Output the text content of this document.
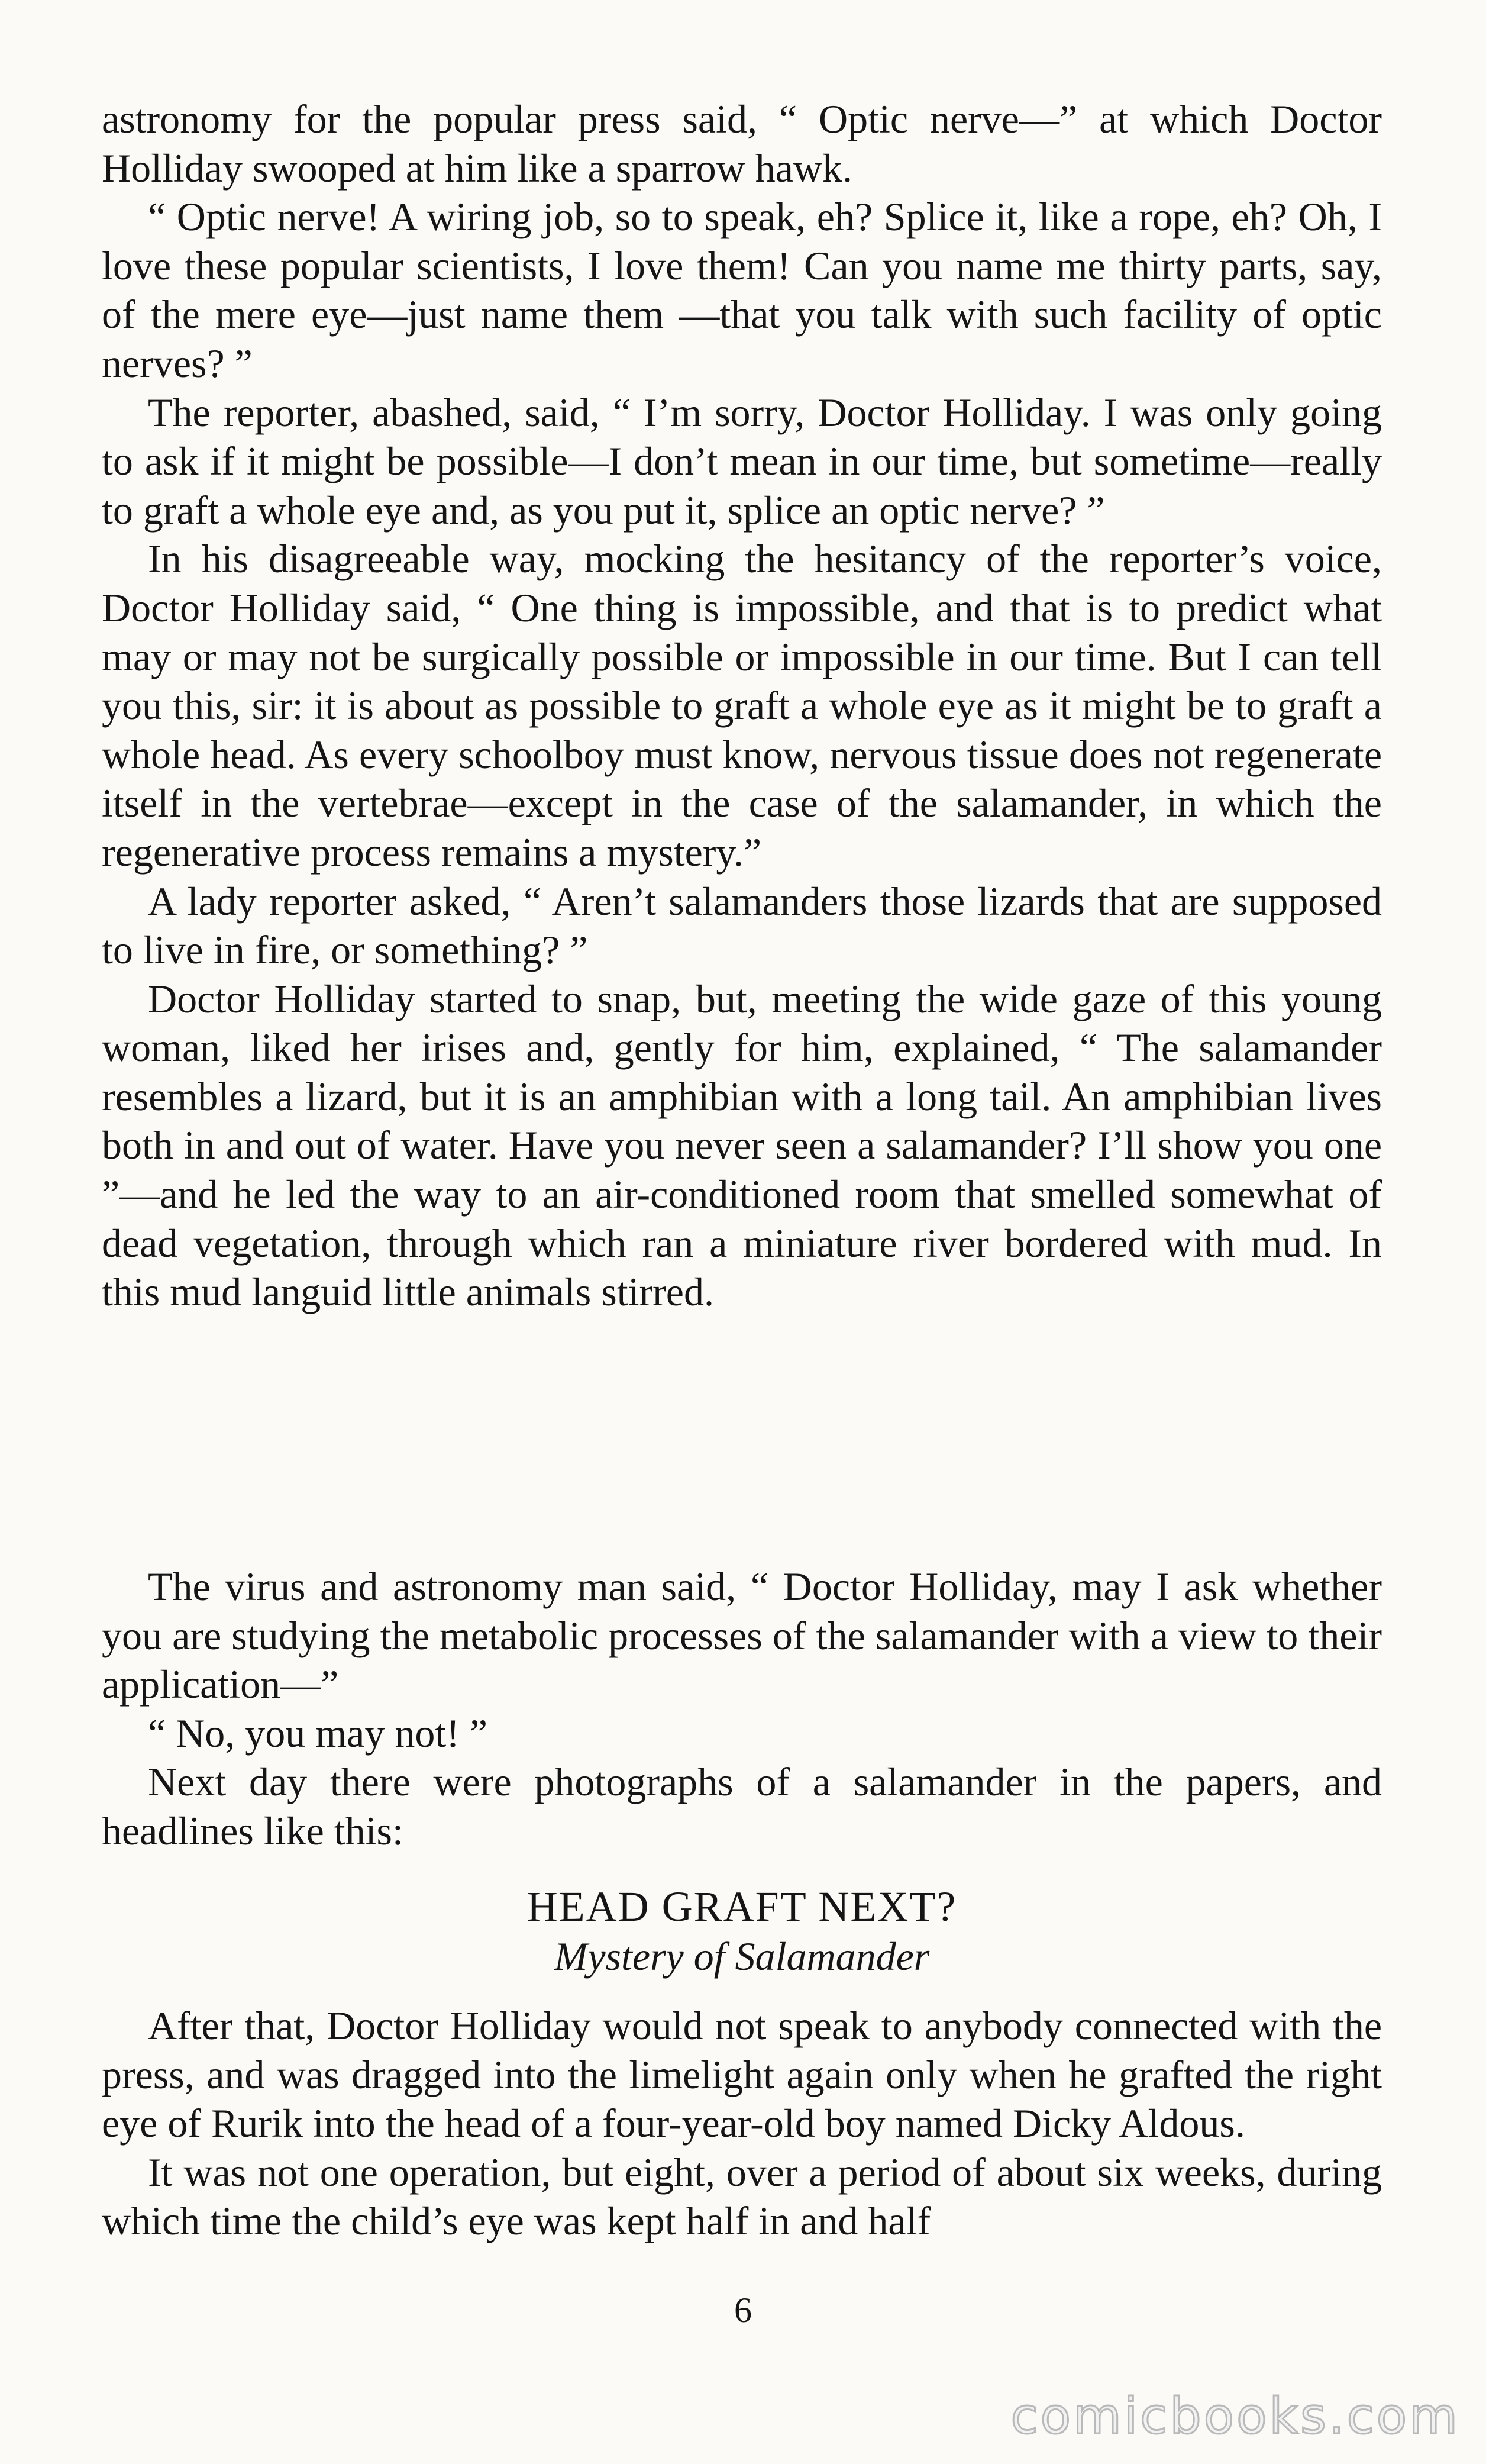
astronomy for the popular press said, “ Optic nerve—” at which Doctor Holliday swooped at him like a sparrow hawk.

“ Optic nerve! A wiring job, so to speak, eh? Splice it, like a rope, eh? Oh, I love these popular scientists, I love them! Can you name me thirty parts, say, of the mere eye—just name them —that you talk with such facility of optic nerves? ”

The reporter, abashed, said, “ I’m sorry, Doctor Holliday. I was only going to ask if it might be possible—I don’t mean in our time, but sometime—really to graft a whole eye and, as you put it, splice an optic nerve? ”

In his disagreeable way, mocking the hesitancy of the reporter’s voice, Doctor Holliday said, “ One thing is impossible, and that is to predict what may or may not be surgically possible or impossible in our time. But I can tell you this, sir: it is about as possible to graft a whole eye as it might be to graft a whole head. As every schoolboy must know, nervous tissue does not regenerate itself in the vertebrae—except in the case of the salamander, in which the regenerative process remains a mystery.”

A lady reporter asked, “ Aren’t salamanders those lizards that are supposed to live in fire, or something? ”

Doctor Holliday started to snap, but, meeting the wide gaze of this young woman, liked her irises and, gently for him, explained, “ The salamander resembles a lizard, but it is an amphibian with a long tail. An amphibian lives both in and out of water. Have you never seen a salamander? I’ll show you one ”—and he led the way to an air-conditioned room that smelled somewhat of dead vegetation, through which ran a miniature river bordered with mud. In this mud languid little animals stirred.

The virus and astronomy man said, “ Doctor Holliday, may I ask whether you are studying the metabolic processes of the salamander with a view to their application—”

“ No, you may not! ”

Next day there were photographs of a salamander in the papers, and headlines like this:

HEAD GRAFT NEXT?
Mystery of Salamander

After that, Doctor Holliday would not speak to anybody connected with the press, and was dragged into the limelight again only when he grafted the right eye of Rurik into the head of a four-year-old boy named Dicky Aldous.

It was not one operation, but eight, over a period of about six weeks, during which time the child’s eye was kept half in and half

6
comicbooks.com
